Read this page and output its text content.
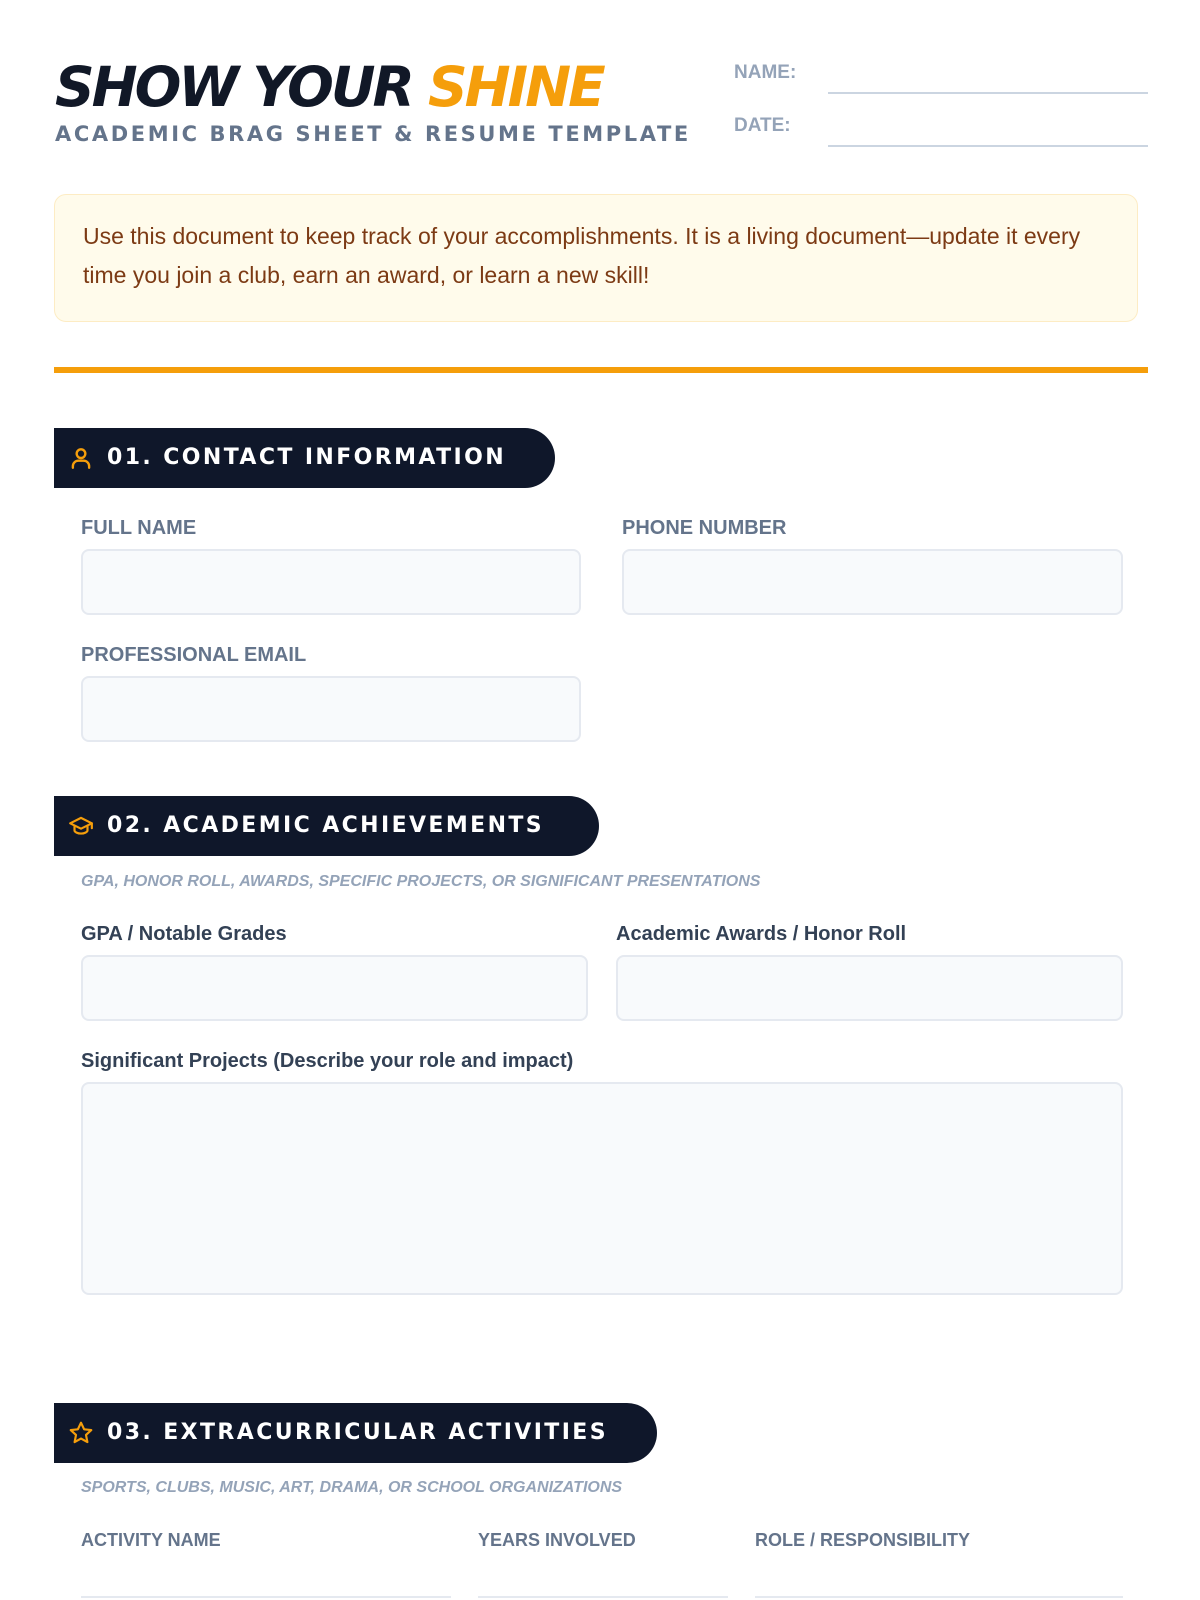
SHOW YOUR SHINE
ACADEMIC BRAG SHEET & RESUME TEMPLATE
NAME:
DATE:
Use this document to keep track of your accomplishments. It is a living document—update it every time you join a club, earn an award, or learn a new skill!
01. CONTACT INFORMATION
FULL NAME	PHONE NUMBER
PROFESSIONAL EMAIL
02. ACADEMIC ACHIEVEMENTS
GPA, HONOR ROLL, AWARDS, SPECIFIC PROJECTS, OR SIGNIFICANT PRESENTATIONS
GPA / Notable Grades	Academic Awards / Honor Roll
Significant Projects (Describe your role and impact)
03. EXTRACURRICULAR ACTIVITIES
SPORTS, CLUBS, MUSIC, ART, DRAMA, OR SCHOOL ORGANIZATIONS
ACTIVITY NAME	YEARS INVOLVED	ROLE / RESPONSIBILITY
